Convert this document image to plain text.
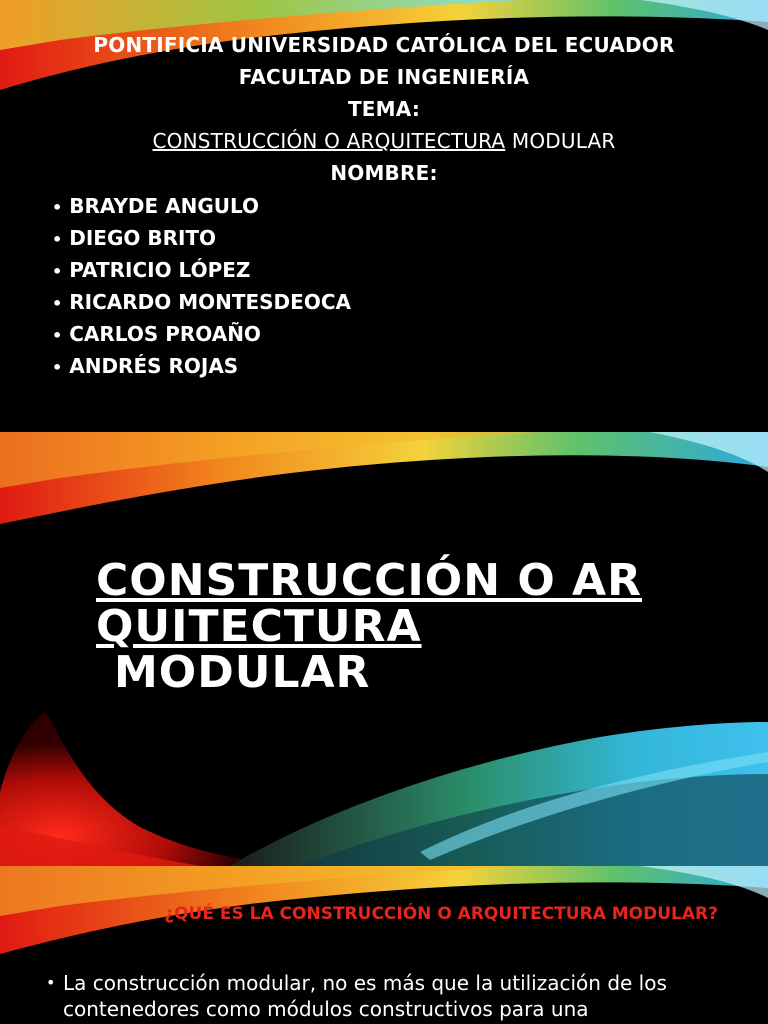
PONTIFICIA UNIVERSIDAD CATÓLICA DEL ECUADOR
FACULTAD DE INGENIERÍA
TEMA:
CONSTRUCCIÓN O ARQUITECTURA MODULAR
NOMBRE:
• BRAYDE ANGULO
• DIEGO BRITO
• PATRICIO LÓPEZ
• RICARDO MONTESDEOCA
• CARLOS PROAÑO
• ANDRÉS ROJAS
CONSTRUCCIÓN O AR QUITECTURA
MODULAR
¿QUÉ ES LA CONSTRUCCIÓN O ARQUITECTURA MODULAR?
• La construcción modular, no es más que la utilización de los contenedores como módulos constructivos para una
